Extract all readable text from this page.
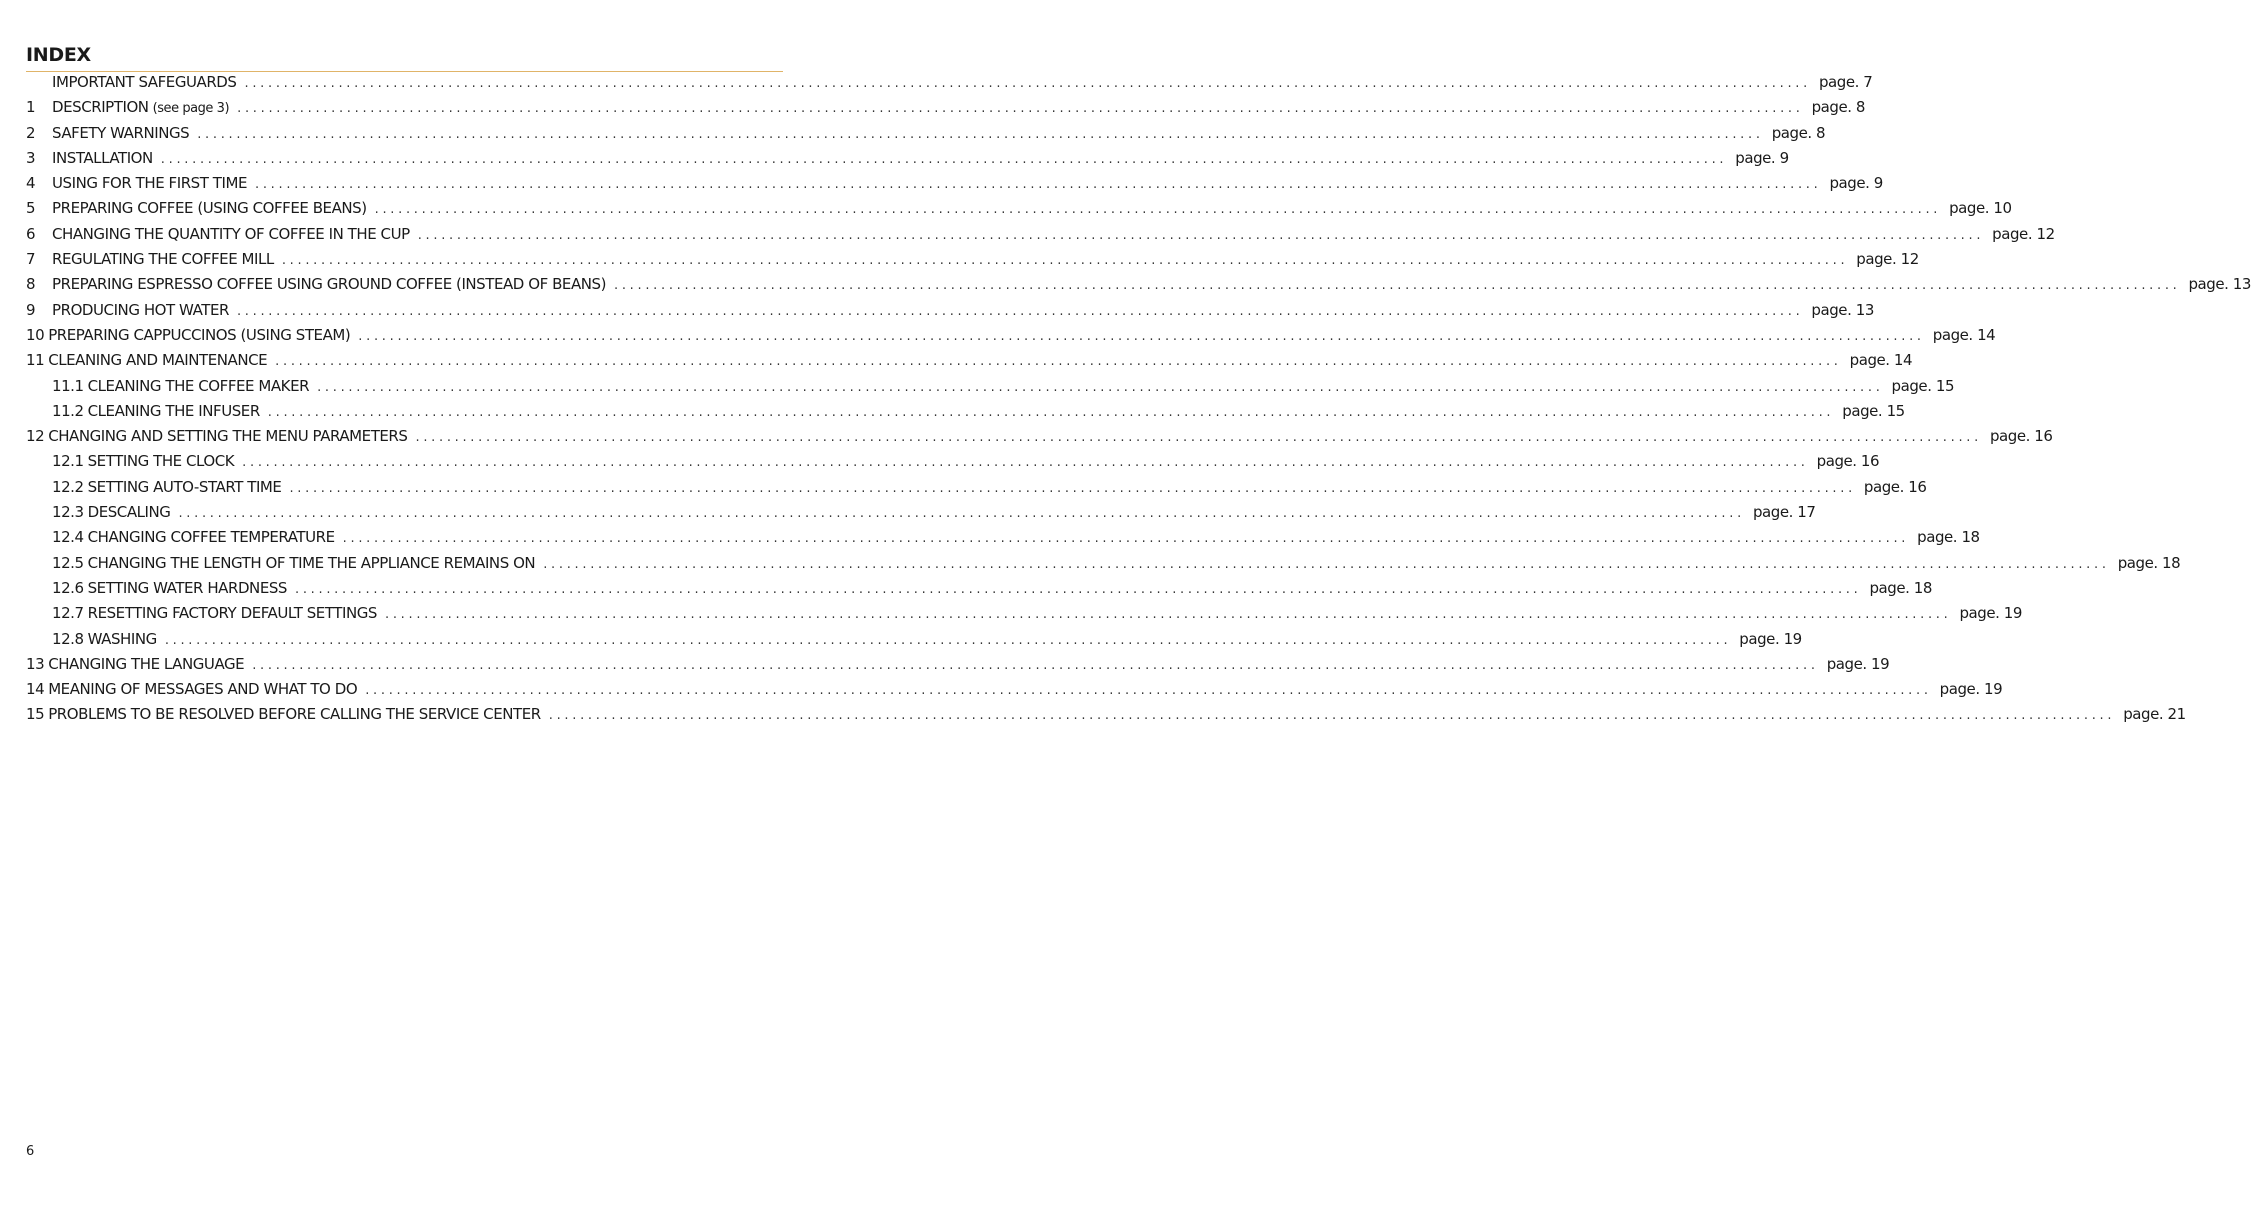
INDEX
IMPORTANT SAFEGUARDS ........................................................................................................................................................................................................ page. 7
1	DESCRIPTION (see page 3) ........................................................................................................................................................................................................ page. 8
2	SAFETY WARNINGS ........................................................................................................................................................................................................ page. 8
3	INSTALLATION ........................................................................................................................................................................................................ page. 9
4	USING FOR THE FIRST TIME ........................................................................................................................................................................................................ page. 9
5	PREPARING COFFEE (USING COFFEE BEANS) ........................................................................................................................................................................................................ page. 10
6	CHANGING THE QUANTITY OF COFFEE IN THE CUP ........................................................................................................................................................................................................ page. 12
7	REGULATING THE COFFEE MILL ........................................................................................................................................................................................................ page. 12
8	PREPARING ESPRESSO COFFEE USING GROUND COFFEE (INSTEAD OF BEANS) ........................................................................................................................................................................................................ page. 13
9	PRODUCING HOT WATER ........................................................................................................................................................................................................ page. 13
10 PREPARING CAPPUCCINOS (USING STEAM) ........................................................................................................................................................................................................ page. 14
11 CLEANING AND MAINTENANCE ........................................................................................................................................................................................................ page. 14
11.1 CLEANING THE COFFEE MAKER ........................................................................................................................................................................................................ page. 15
11.2 CLEANING THE INFUSER ........................................................................................................................................................................................................ page. 15
12 CHANGING AND SETTING THE MENU PARAMETERS ........................................................................................................................................................................................................ page. 16
12.1 SETTING THE CLOCK ........................................................................................................................................................................................................ page. 16
12.2 SETTING AUTO-START TIME ........................................................................................................................................................................................................ page. 16
12.3 DESCALING ........................................................................................................................................................................................................ page. 17
12.4 CHANGING COFFEE TEMPERATURE ........................................................................................................................................................................................................ page. 18
12.5 CHANGING THE LENGTH OF TIME THE APPLIANCE REMAINS ON ........................................................................................................................................................................................................ page. 18
12.6 SETTING WATER HARDNESS ........................................................................................................................................................................................................ page. 18
12.7 RESETTING FACTORY DEFAULT SETTINGS ........................................................................................................................................................................................................ page. 19
12.8 WASHING ........................................................................................................................................................................................................ page. 19
13 CHANGING THE LANGUAGE ........................................................................................................................................................................................................ page. 19
14 MEANING OF MESSAGES AND WHAT TO DO ........................................................................................................................................................................................................ page. 19
15 PROBLEMS TO BE RESOLVED BEFORE CALLING THE SERVICE CENTER ........................................................................................................................................................................................................ page. 21
6
